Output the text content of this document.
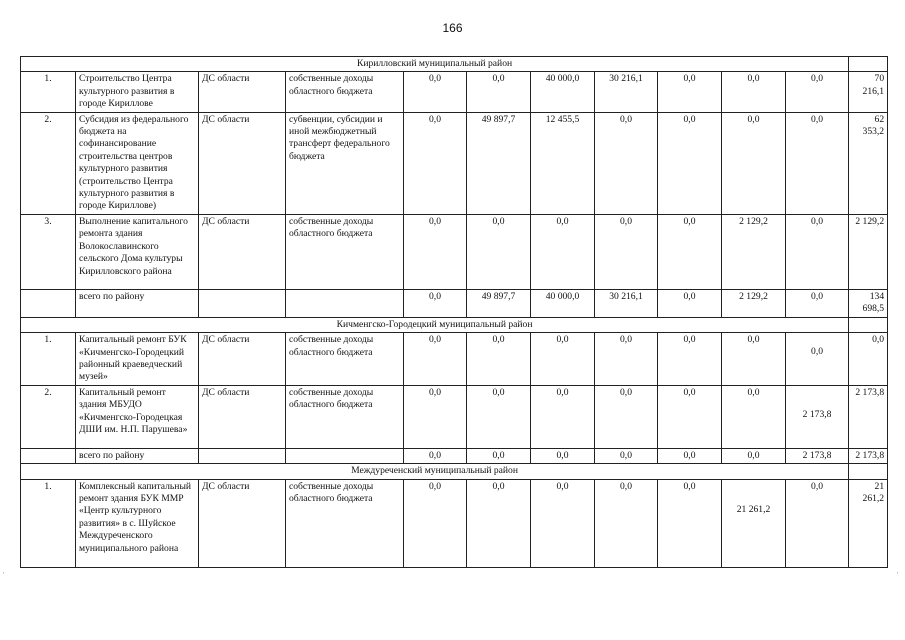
166
Кирилловский муниципальный район											
1.	Строительство Центра культурного развития в городе Кириллове	ДС области	собственные доходы областного бюджета	0,0	0,0	40 000,0	30 216,1	0,0	0,0	0,0	70 216,1
2.	Субсидия из федерального бюджета на софинансирование строительства центров культурного развития (строительство Центра культурного развития в городе Кириллове)	ДС области	субвенции, субсидии и иной межбюджетный трансферт федерального бюджета	0,0	49 897,7	12 455,5	0,0	0,0	0,0	0,0	62 353,2
3.	Выполнение капитального ремонта здания Волокославинского сельского Дома культуры Кирилловского района	ДС области	собственные доходы областного бюджета	0,0	0,0	0,0	0,0	0,0	2 129,2	0,0	2 129,2
	всего по району			0,0	49 897,7	40 000,0	30 216,1	0,0	2 129,2	0,0	134 698,5
Кичменгско-Городецкий муниципальный район											
1.	Капитальный ремонт БУК «Кичменгско-Городецкий районный краеведческий музей»	ДС области	собственные доходы областного бюджета	0,0	0,0	0,0	0,0	0,0	0,0	0,0	0,0
2.	Капитальный ремонт здания МБУДО «Кичменгско-Городецкая ДШИ им. Н.П. Парушева»	ДС области	собственные доходы областного бюджета	0,0	0,0	0,0	0,0	0,0	0,0	2 173,8	2 173,8
	всего по району			0,0	0,0	0,0	0,0	0,0	0,0	2 173,8	2 173,8
Междуреченский муниципальный район											
1.	Комплексный капитальный ремонт здания БУК ММР «Центр культурного развития» в с. Шуйское Междуреченского муниципального района	ДС области	собственные доходы областного бюджета	0,0	0,0	0,0	0,0	0,0	21 261,2	0,0	21 261,2
ˌ	ˌ
